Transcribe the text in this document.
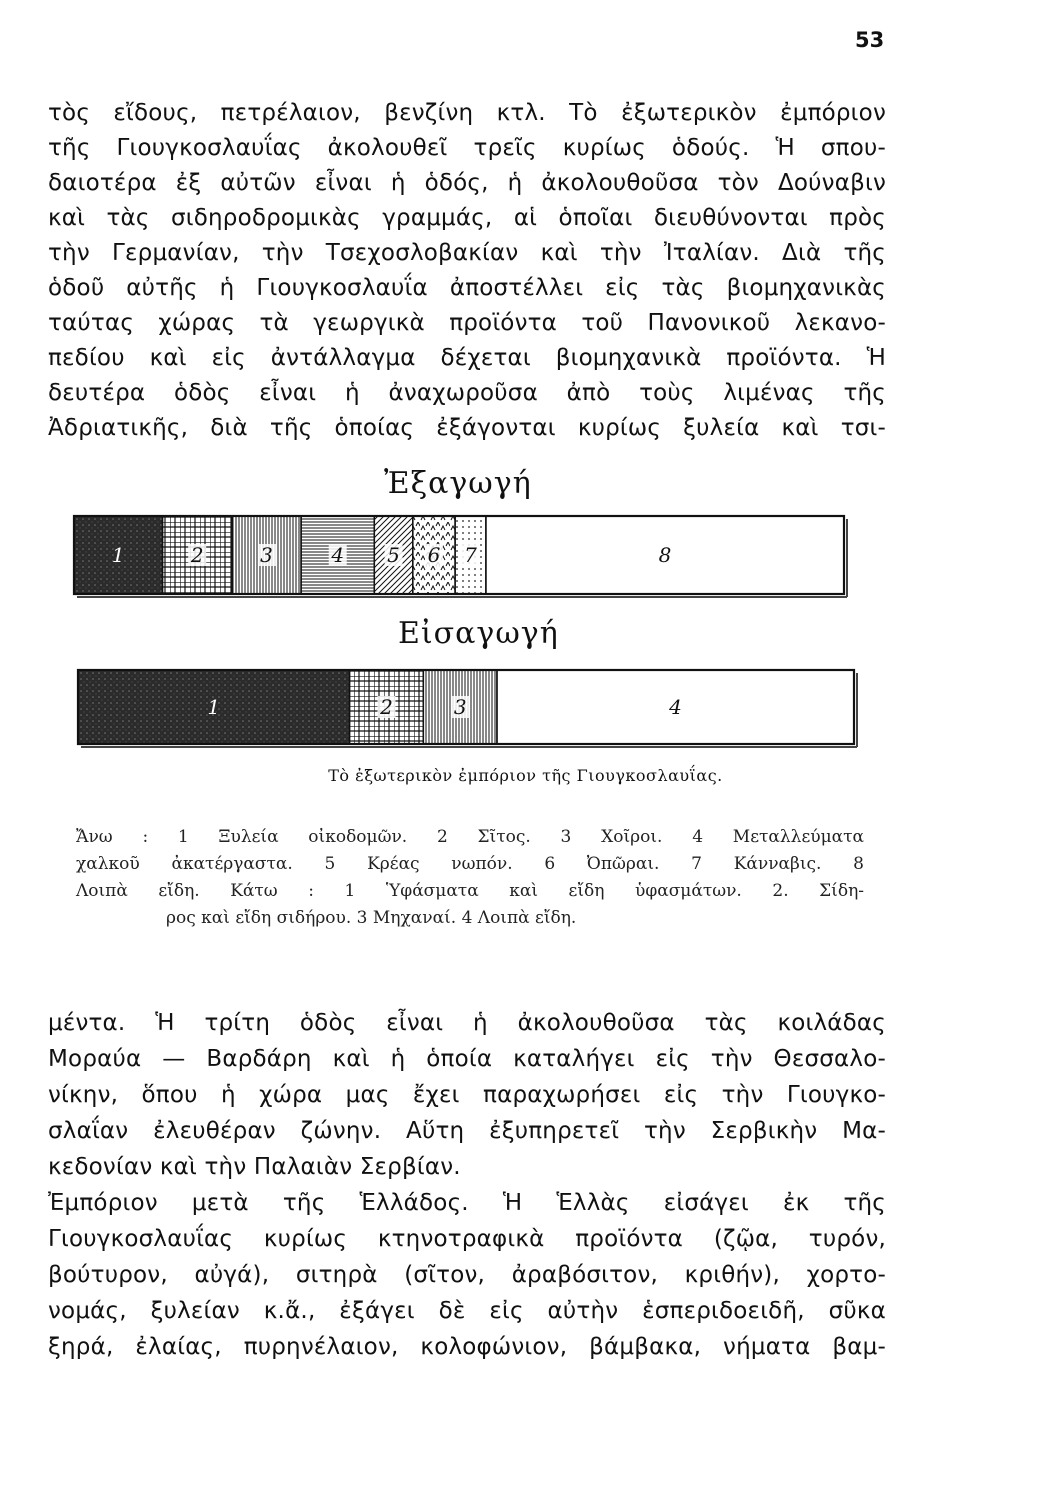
53
τὸς εἴδους, πετρέλαιον, βενζίνη κτλ. Τὸ ἐξωτερικὸν ἐμπόριον
τῆς Γιουγκοσλαυΐας ἀκολουθεῖ τρεῖς κυρίως ὁδούς. Ἡ σπου-
δαιοτέρα ἐξ αὐτῶν εἶναι ἡ ὁδός, ἡ ἀκολουθοῦσα τὸν Δούναβιν
καὶ τὰς σιδηροδρομικὰς γραμμάς, αἱ ὁποῖαι διευθύνονται πρὸς
τὴν Γερμανίαν, τὴν Τσεχοσλοβακίαν καὶ τὴν Ἰταλίαν. Διὰ τῆς
ὁδοῦ αὐτῆς ἡ Γιουγκοσλαυΐα ἀποστέλλει εἰς τὰς βιομηχανικὰς
ταύτας χώρας τὰ γεωργικὰ προϊόντα τοῦ Πανονικοῦ λεκανο-
πεδίου καὶ εἰς ἀντάλλαγμα δέχεται βιομηχανικὰ προϊόντα. Ἡ
δευτέρα ὁδὸς εἶναι ἡ ἀναχωροῦσα ἀπὸ τοὺς λιμένας τῆς
Ἀδριατικῆς, διὰ τῆς ὁποίας ἐξάγονται κυρίως ξυλεία καὶ τσι-
Ἐξαγωγή
1	2	3	4 5 6 7	8
Εἰσαγωγή
1	2	3	4
Τὸ ἐξωτερικὸν ἐμπόριον τῆς Γιουγκοσλαυΐας.
Ἄνω : 1 Ξυλεία οἰκοδομῶν. 2 Σῖτος. 3 Χοῖροι. 4 Μεταλλεύματα
χαλκοῦ ἀκατέργαστα. 5 Κρέας νωπόν. 6 Ὀπῶραι. 7 Κάνναβις. 8
Λοιπὰ εἴδη. Κάτω : 1 Ὑφάσματα καὶ εἴδη ὑφασμάτων. 2. Σίδη-
ρος καὶ εἴδη σιδήρου. 3 Μηχαναί. 4 Λοιπὰ εἴδη.
μέντα. Ἡ τρίτη ὁδὸς εἶναι ἡ ἀκολουθοῦσα τὰς κοιλάδας
Μοραύα — Βαρδάρη καὶ ἡ ὁποία καταλήγει εἰς τὴν Θεσσαλο-
νίκην, ὅπου ἡ χώρα μας ἔχει παραχωρήσει εἰς τὴν Γιουγκο-
σλαΐαν ἐλευθέραν ζώνην. Αὕτη ἐξυπηρετεῖ τὴν Σερβικὴν Μα-
κεδονίαν καὶ τὴν Παλαιὰν Σερβίαν.
Ἐμπόριον μετὰ τῆς Ἑλλάδος. Ἡ Ἑλλὰς εἰσάγει ἐκ τῆς
Γιουγκοσλαυΐας κυρίως κτηνοτραφικὰ προϊόντα (ζῷα, τυρόν,
βούτυρον, αὐγά), σιτηρὰ (σῖτον, ἀραβόσιτον, κριθήν), χορτο-
νομάς, ξυλείαν κ.ἄ., ἐξάγει δὲ εἰς αὐτὴν ἑσπεριδοειδῆ, σῦκα
ξηρά, ἐλαίας, πυρηνέλαιον, κολοφώνιον, βάμβακα, νήματα βαμ-
